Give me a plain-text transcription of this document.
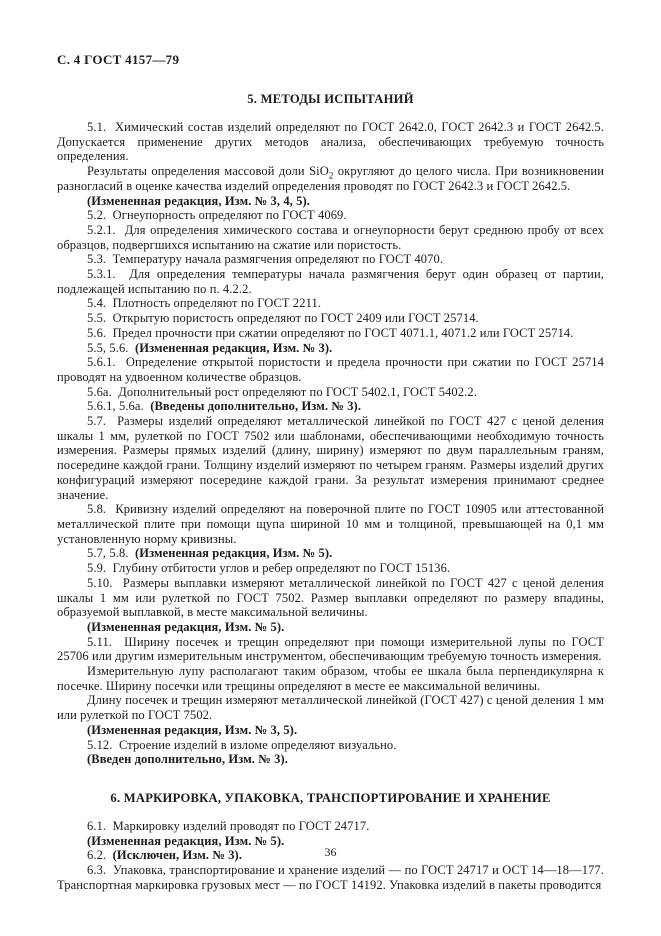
С. 4 ГОСТ 4157—79
5. МЕТОДЫ ИСПЫТАНИЙ

5.1.  Химический состав изделий определяют по ГОСТ 2642.0, ГОСТ 2642.3 и ГОСТ 2642.5. Допускается применение других методов анализа, обеспечивающих требуемую точность определения.

Результаты определения массовой доли SiO$_2$ округляют до целого числа. При возникновении разногласий в оценке качества изделий определения проводят по ГОСТ 2642.3 и ГОСТ 2642.5.

(Измененная редакция, Изм. № 3, 4, 5).

5.2.  Огнеупорность определяют по ГОСТ 4069.

5.2.1.  Для определения химического состава и огнеупорности берут среднюю пробу от всех образцов, подвергшихся испытанию на сжатие или пористость.

5.3.  Температуру начала размягчения определяют по ГОСТ 4070.

5.3.1.  Для определения температуры начала размягчения берут один образец от партии, подлежащей испытанию по п. 4.2.2.

5.4.  Плотность определяют по ГОСТ 2211.

5.5.  Открытую пористость определяют по ГОСТ 2409 или ГОСТ 25714.

5.6.  Предел прочности при сжатии определяют по ГОСТ 4071.1, 4071.2 или ГОСТ 25714.

5.5, 5.6.  (Измененная редакция, Изм. № 3).

5.6.1.  Определение открытой пористости и предела прочности при сжатии по ГОСТ 25714 проводят на удвоенном количестве образцов.

5.6а.  Дополнительный рост определяют по ГОСТ 5402.1, ГОСТ 5402.2.

5.6.1, 5.6а.  (Введены дополнительно, Изм. № 3).

5.7.  Размеры изделий определяют металлической линейкой по ГОСТ 427 с ценой деления шкалы 1 мм, рулеткой по ГОСТ 7502 или шаблонами, обеспечивающими необходимую точность измерения. Размеры прямых изделий (длину, ширину) измеряют по двум параллельным граням, посередине каждой грани. Толщину изделий измеряют по четырем граням. Размеры изделий других конфигураций измеряют посередине каждой грани. За результат измерения принимают среднее значение.

5.8.  Кривизну изделий определяют на поверочной плите по ГОСТ 10905 или аттестованной металлической плите при помощи щупа шириной 10 мм и толщиной, превышающей на 0,1 мм установленную норму кривизны.

5.7, 5.8.  (Измененная редакция, Изм. № 5).

5.9.  Глубину отбитости углов и ребер определяют по ГОСТ 15136.

5.10.  Размеры выплавки измеряют металлической линейкой по ГОСТ 427 с ценой деления шкалы 1 мм или рулеткой по ГОСТ 7502. Размер выплавки определяют по размеру впадины, образуемой выплавкой, в месте максимальной величины.

(Измененная редакция, Изм. № 5).

5.11.  Ширину посечек и трещин определяют при помощи измерительной лупы по ГОСТ 25706 или другим измерительным инструментом, обеспечивающим требуемую точность измерения.

Измерительную лупу располагают таким образом, чтобы ее шкала была перпендикулярна к посечке. Ширину посечки или трещины определяют в месте ее максимальной величины.

Длину посечек и трещин измеряют металлической линейкой (ГОСТ 427) с ценой деления 1 мм или рулеткой по ГОСТ 7502.

(Измененная редакция, Изм. № 3, 5).

5.12.  Строение изделий в изломе определяют визуально.

(Введен дополнительно, Изм. № 3).

6. МАРКИРОВКА, УПАКОВКА, ТРАНСПОРТИРОВАНИЕ И ХРАНЕНИЕ

6.1.  Маркировку изделий проводят по ГОСТ 24717.

(Измененная редакция, Изм. № 5).

6.2.  (Исключен, Изм. № 3).

6.3.  Упаковка, транспортирование и хранение изделий — по ГОСТ 24717 и ОСТ 14—18—177. Транспортная маркировка грузовых мест — по ГОСТ 14192. Упаковка изделий в пакеты проводится

36
